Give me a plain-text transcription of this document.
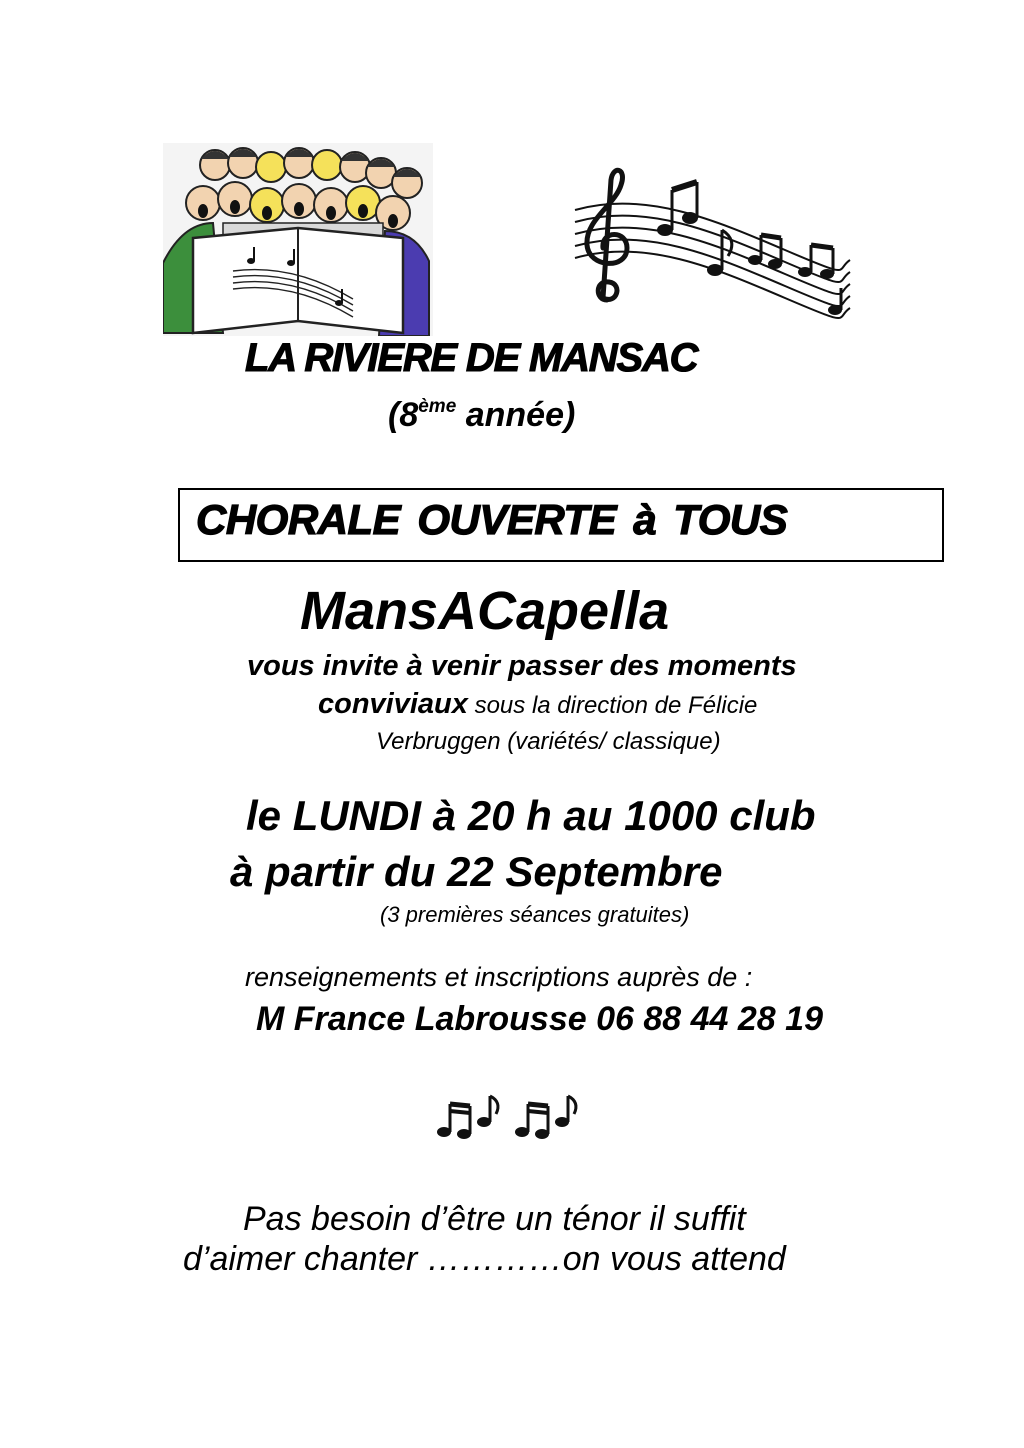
LA RIVIERE DE MANSAC
(8ème année)
CHORALE OUVERTE à TOUS
MansACapella
vous invite à venir passer des moments
conviviaux sous la direction de Félicie
Verbruggen (variétés/ classique)
le LUNDI à 20 h au 1000 club
à partir du 22 Septembre
(3 premières séances gratuites)
renseignements et inscriptions auprès de :
M France Labrousse 06 88 44 28 19
Pas besoin d’être un ténor il suffit
d’aimer chanter …………on vous attend
